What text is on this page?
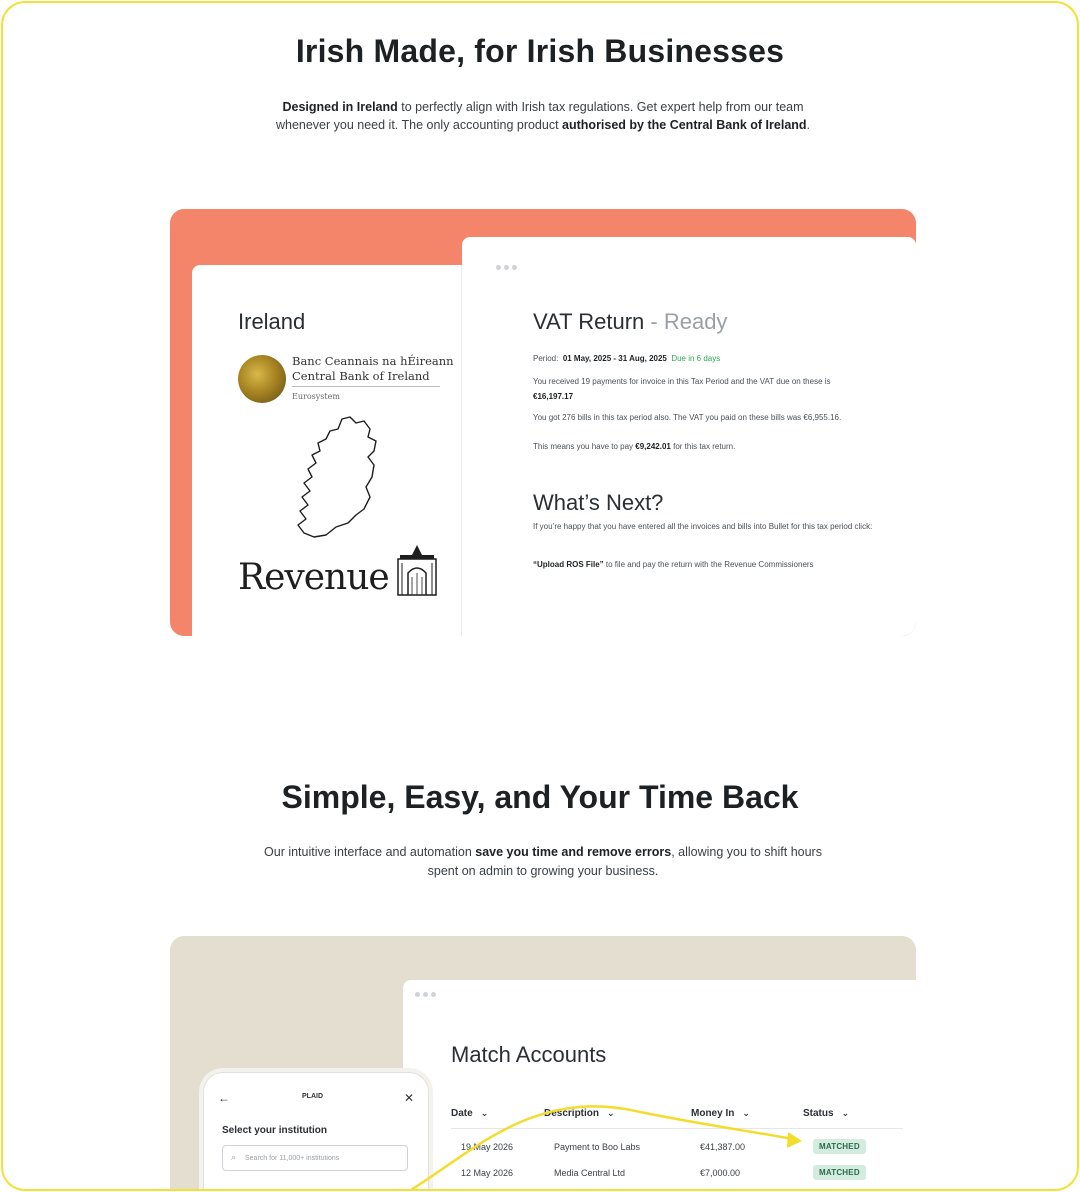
Irish Made, for Irish Businesses

Designed in Ireland to perfectly align with Irish tax regulations. Get expert help from our team whenever you need it. The only accounting product authorised by the Central Bank of Ireland.

Ireland
Banc Ceannais na hÉireann
Central Bank of Ireland
Eurosystem
Revenue
VAT Return - Ready
Period: 01 May, 2025 - 31 Aug, 2025 Due in 6 days
You received 19 payments for invoice in this Tax Period and the VAT due on these is
€16,197.17
You got 276 bills in this tax period also. The VAT you paid on these bills was €6,955.16.
This means you have to pay €9,242.01 for this tax return.
What’s Next?
If you’re happy that you have entered all the invoices and bills into Bullet for this tax period click:
“Upload ROS File” to file and pay the return with the Revenue Commissioners
Simple, Easy, and Your Time Back

Our intuitive interface and automation save you time and remove errors, allowing you to shift hours spent on admin to growing your business.

Match Accounts
Date ⌄	Description ⌄	Money In ⌄	Status ⌄
19 May 2026	Payment to Boo Labs	€41,387.00	MATCHED
12 May 2026	Media Central Ltd	€7,000.00	MATCHED
←	PLAID	✕
Select your institution
⌕ Search for 11,000+ institutions
